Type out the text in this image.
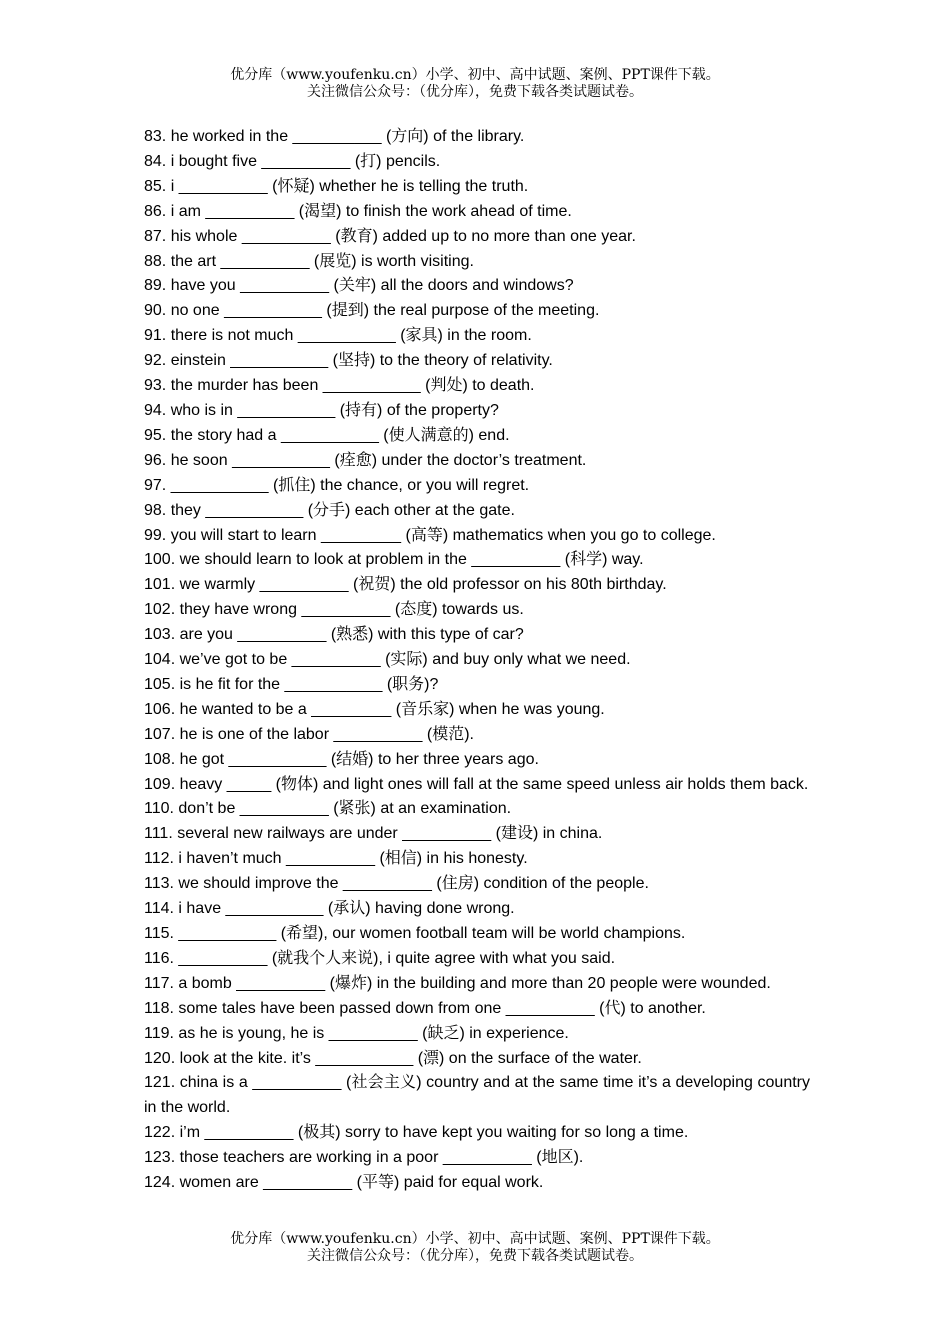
优分库（www.youfenku.cn）小学、初中、高中试题、案例、PPT课件下载。
关注微信公众号：（优分库），免费下载各类试题试卷。
83. he worked in the __________ (方向) of the library.
84. i bought five __________ (打) pencils.
85. i __________ (怀疑) whether he is telling the truth.
86. i am __________ (渴望) to finish the work ahead of time.
87. his whole __________ (教育) added up to no more than one year.
88. the art __________ (展览) is worth visiting.
89. have you __________ (关牢) all the doors and windows?
90. no one ___________ (提到) the real purpose of the meeting.
91. there is not much ___________ (家具) in the room.
92. einstein ___________ (坚持) to the theory of relativity.
93. the murder has been ___________ (判处) to death.
94. who is in ___________ (持有) of the property?
95. the story had a ___________ (使人满意的) end.
96. he soon ___________ (痊愈) under the doctor’s treatment.
97. ___________ (抓住) the chance, or you will regret.
98. they ___________ (分手) each other at the gate.
99. you will start to learn _________ (高等) mathematics when you go to college.
100. we should learn to look at problem in the __________ (科学) way.
101. we warmly __________ (祝贺) the old professor on his 80th birthday.
102. they have wrong __________ (态度) towards us.
103. are you __________ (熟悉) with this type of car?
104. we’ve got to be __________ (实际) and buy only what we need.
105. is he fit for the ___________ (职务)?
106. he wanted to be a _________ (音乐家) when he was young.
107. he is one of the labor __________ (模范).
108. he got ___________ (结婚) to her three years ago.
109. heavy _____ (物体) and light ones will fall at the same speed unless air holds them back.
110. don’t be __________ (紧张) at an examination.
111. several new railways are under __________ (建设) in china.
112. i haven’t much __________ (相信) in his honesty.
113. we should improve the __________ (住房) condition of the people.
114. i have ___________ (承认) having done wrong.
115. ___________ (希望), our women football team will be world champions.
116. __________ (就我个人来说), i quite agree with what you said.
117. a bomb __________ (爆炸) in the building and more than 20 people were wounded.
118. some tales have been passed down from one __________ (代) to another.
119. as he is young, he is __________ (缺乏) in experience.
120. look at the kite. it’s ___________ (漂) on the surface of the water.
121. china is a __________ (社会主义) country and at the same time it’s a developing country in the world.
122. i’m __________ (极其) sorry to have kept you waiting for so long a time.
123. those teachers are working in a poor __________ (地区).
124. women are __________ (平等) paid for equal work.
优分库（www.youfenku.cn）小学、初中、高中试题、案例、PPT课件下载。
关注微信公众号：（优分库），免费下载各类试题试卷。
